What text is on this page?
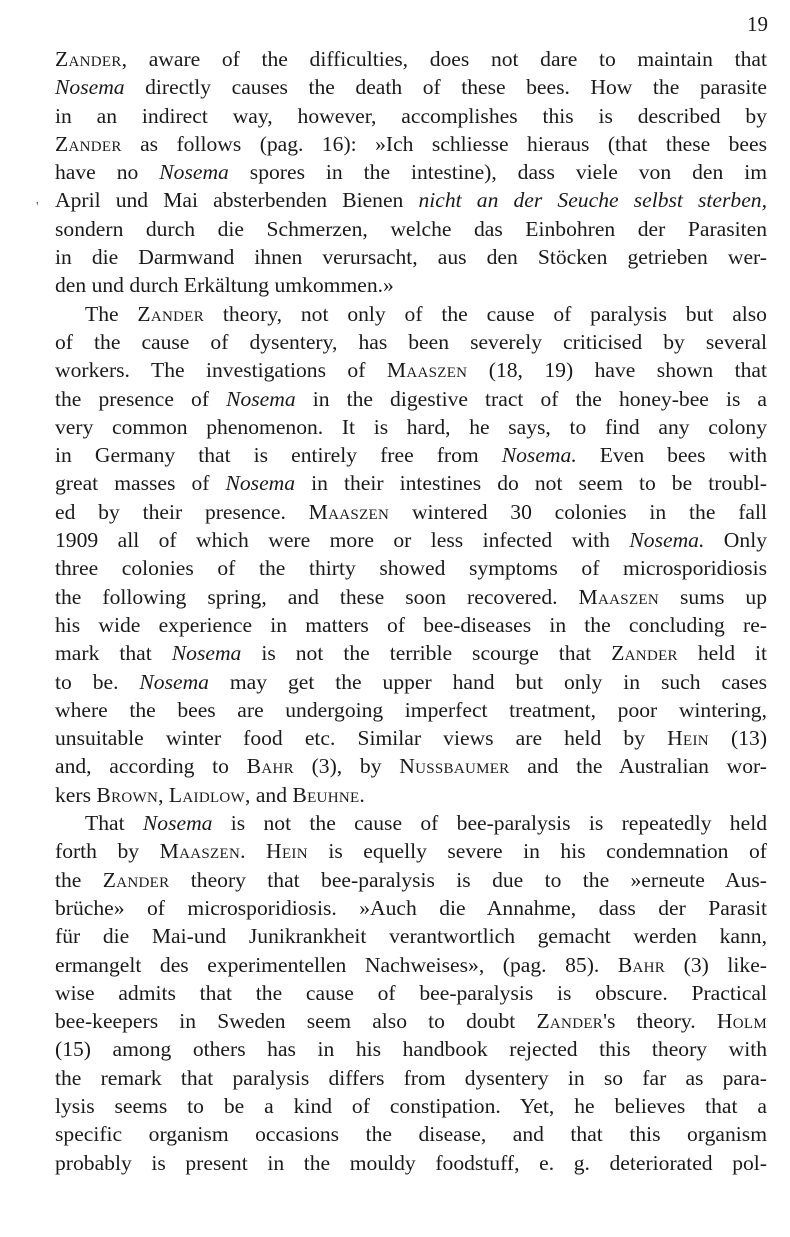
19
'
Zander, aware of the difficulties, does not dare to maintain that
Nosema directly causes the death of these bees. How the parasite
in an indirect way, however, accomplishes this is described by
Zander as follows (pag. 16): »Ich schliesse hieraus (that these bees
have no Nosema spores in the intestine), dass viele von den im
April und Mai absterbenden Bienen nicht an der Seuche selbst sterben,
sondern durch die Schmerzen, welche das Einbohren der Parasiten
in die Darmwand ihnen verursacht, aus den Stöcken getrieben wer-
den und durch Erkältung umkommen.»
The Zander theory, not only of the cause of paralysis but also
of the cause of dysentery, has been severely criticised by several
workers. The investigations of Maaszen (18, 19) have shown that
the presence of Nosema in the digestive tract of the honey-bee is a
very common phenomenon. It is hard, he says, to find any colony
in Germany that is entirely free from Nosema. Even bees with
great masses of Nosema in their intestines do not seem to be troubl-
ed by their presence. Maaszen wintered 30 colonies in the fall
1909 all of which were more or less infected with Nosema. Only
three colonies of the thirty showed symptoms of microsporidiosis
the following spring, and these soon recovered. Maaszen sums up
his wide experience in matters of bee-diseases in the concluding re-
mark that Nosema is not the terrible scourge that Zander held it
to be. Nosema may get the upper hand but only in such cases
where the bees are undergoing imperfect treatment, poor wintering,
unsuitable winter food etc. Similar views are held by Hein (13)
and, according to Bahr (3), by Nussbaumer and the Australian wor-
kers Brown, Laidlow, and Beuhne.
That Nosema is not the cause of bee-paralysis is repeatedly held
forth by Maaszen. Hein is equelly severe in his condemnation of
the Zander theory that bee-paralysis is due to the »erneute Aus-
brüche» of microsporidiosis. »Auch die Annahme, dass der Parasit
für die Mai-und Junikrankheit verantwortlich gemacht werden kann,
ermangelt des experimentellen Nachweises», (pag. 85). Bahr (3) like-
wise admits that the cause of bee-paralysis is obscure. Practical
bee-keepers in Sweden seem also to doubt Zander's theory. Holm
(15) among others has in his handbook rejected this theory with
the remark that paralysis differs from dysentery in so far as para-
lysis seems to be a kind of constipation. Yet, he believes that a
specific organism occasions the disease, and that this organism
probably is present in the mouldy foodstuff, e. g. deteriorated pol-
